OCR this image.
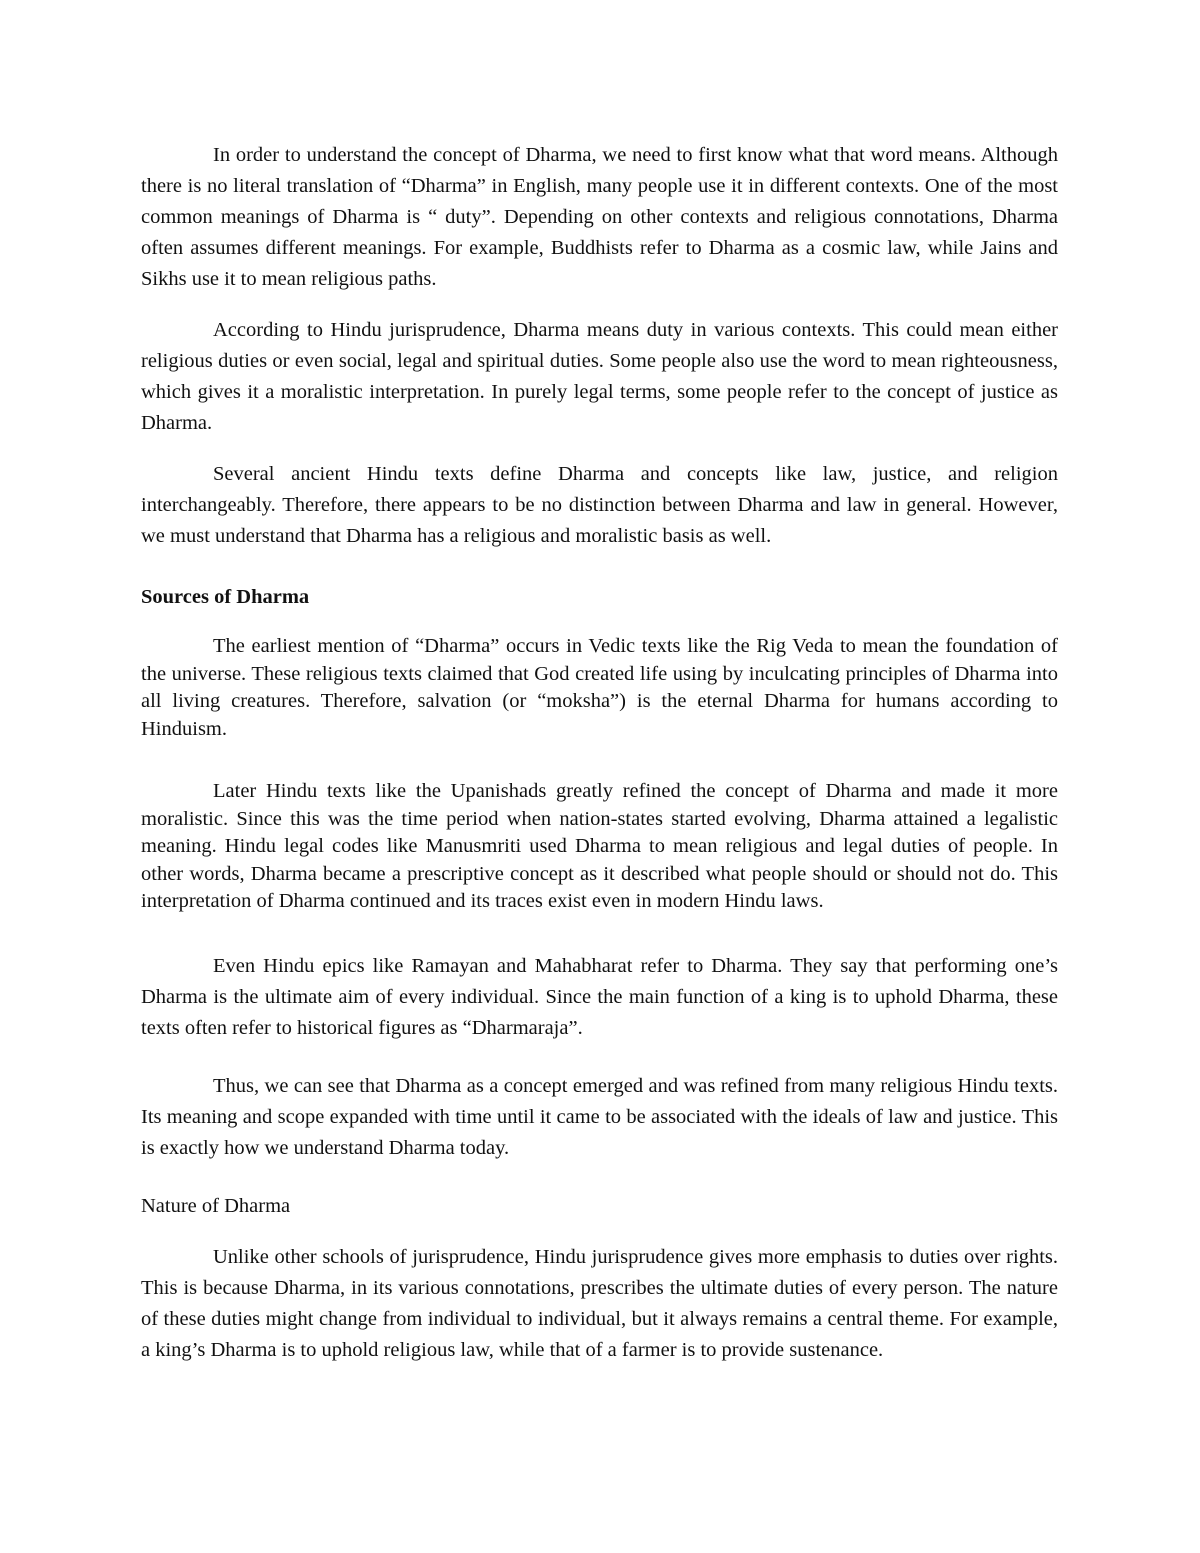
In order to understand the concept of Dharma, we need to first know what that word means. Although there is no literal translation of “Dharma” in English, many people use it in different contexts. One of the most common meanings of Dharma is “ duty”. Depending on other contexts and religious connotations, Dharma often assumes different meanings. For example, Buddhists refer to Dharma as a cosmic law, while Jains and Sikhs use it to mean religious paths.

According to Hindu jurisprudence, Dharma means duty in various contexts. This could mean either religious duties or even social, legal and spiritual duties. Some people also use the word to mean righteousness, which gives it a moralistic interpretation. In purely legal terms, some people refer to the concept of justice as Dharma.

Several ancient Hindu texts define Dharma and concepts like law, justice, and religion interchangeably. Therefore, there appears to be no distinction between Dharma and law in general. However, we must understand that Dharma has a religious and moralistic basis as well.

Sources of Dharma

The earliest mention of “Dharma” occurs in Vedic texts like the Rig Veda to mean the foundation of the universe. These religious texts claimed that God created life using by inculcating principles of Dharma into all living creatures. Therefore, salvation (or “moksha”) is the eternal Dharma for humans according to Hinduism.

Later Hindu texts like the Upanishads greatly refined the concept of Dharma and made it more moralistic. Since this was the time period when nation-states started evolving, Dharma attained a legalistic meaning. Hindu legal codes like Manusmriti used Dharma to mean religious and legal duties of people. In other words, Dharma became a prescriptive concept as it described what people should or should not do. This interpretation of Dharma continued and its traces exist even in modern Hindu laws.

Even Hindu epics like Ramayan and Mahabharat refer to Dharma. They say that performing one’s Dharma is the ultimate aim of every individual. Since the main function of a king is to uphold Dharma, these texts often refer to historical figures as “Dharmaraja”.

Thus, we can see that Dharma as a concept emerged and was refined from many religious Hindu texts. Its meaning and scope expanded with time until it came to be associated with the ideals of law and justice. This is exactly how we understand Dharma today.

Nature of Dharma

Unlike other schools of jurisprudence, Hindu jurisprudence gives more emphasis to duties over rights. This is because Dharma, in its various connotations, prescribes the ultimate duties of every person. The nature of these duties might change from individual to individual, but it always remains a central theme. For example, a king’s Dharma is to uphold religious law, while that of a farmer is to provide sustenance.
